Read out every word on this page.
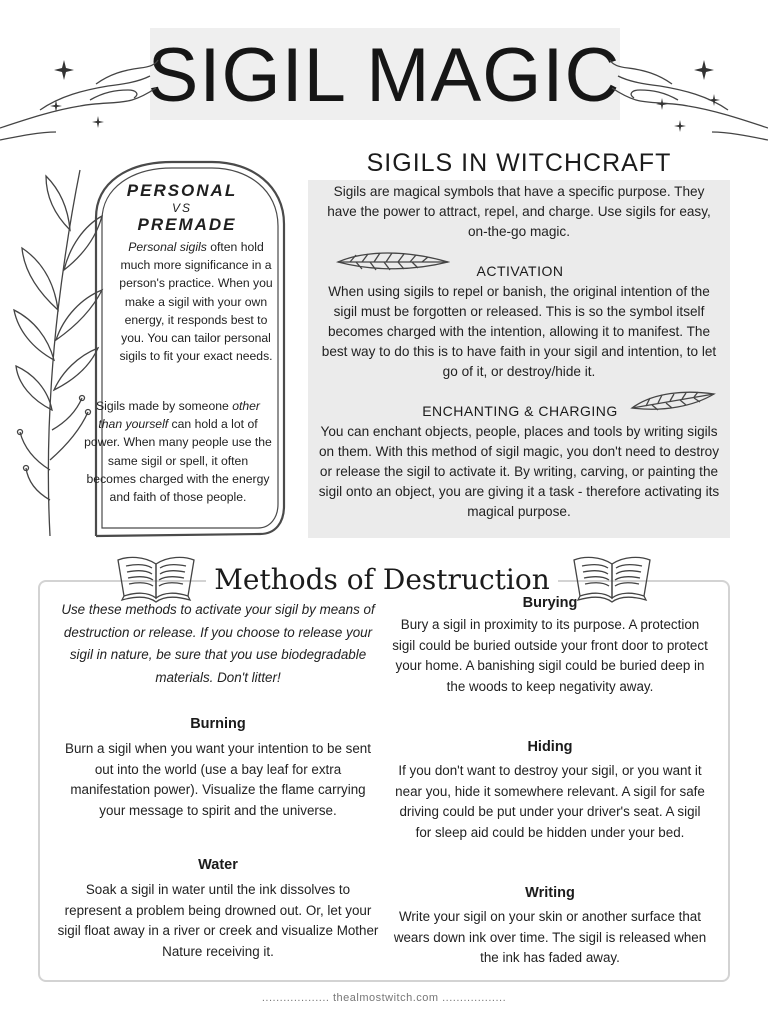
SIGIL MAGIC
PERSONAL
VS
PREMADE
Personal sigils often hold much more significance in a person's practice. When you make a sigil with your own energy, it responds best to you. You can tailor personal sigils to fit your exact needs.
Sigils made by someone other than yourself can hold a lot of power. When many people use the same sigil or spell, it often becomes charged with the energy and faith of those people.
SIGILS IN WITCHCRAFT
Sigils are magical symbols that have a specific purpose. They have the power to attract, repel, and charge. Use sigils for easy, on-the-go magic.
ACTIVATION
When using sigils to repel or banish, the original intention of the sigil must be forgotten or released. This is so the symbol itself becomes charged with the intention, allowing it to manifest. The best way to do this is to have faith in your sigil and intention, to let go of it, or destroy/hide it.
ENCHANTING & CHARGING
You can enchant objects, people, places and tools by writing sigils on them. With this method of sigil magic, you don't need to destroy or release the sigil to activate it. By writing, carving, or painting the sigil onto an object, you are giving it a task - therefore activating its magical purpose.
Methods of Destruction
Use these methods to activate your sigil by means of destruction or release. If you choose to release your sigil in nature, be sure that you use biodegradable materials. Don't litter!
Burning
Burn a sigil when you want your intention to be sent out into the world (use a bay leaf for extra manifestation power). Visualize the flame carrying your message to spirit and the universe.
Water
Soak a sigil in water until the ink dissolves to represent a problem being drowned out. Or, let your sigil float away in a river or creek and visualize Mother Nature receiving it.
Burying
Bury a sigil in proximity to its purpose. A protection sigil could be buried outside your front door to protect your home. A banishing sigil could be buried deep in the woods to keep negativity away.
Hiding
If you don't want to destroy your sigil, or you want it near you, hide it somewhere relevant. A sigil for safe driving could be put under your driver's seat. A sigil for sleep aid could be hidden under your bed.
Writing
Write your sigil on your skin or another surface that wears down ink over time. The sigil is released when the ink has faded away.
................... thealmostwitch.com ..................
